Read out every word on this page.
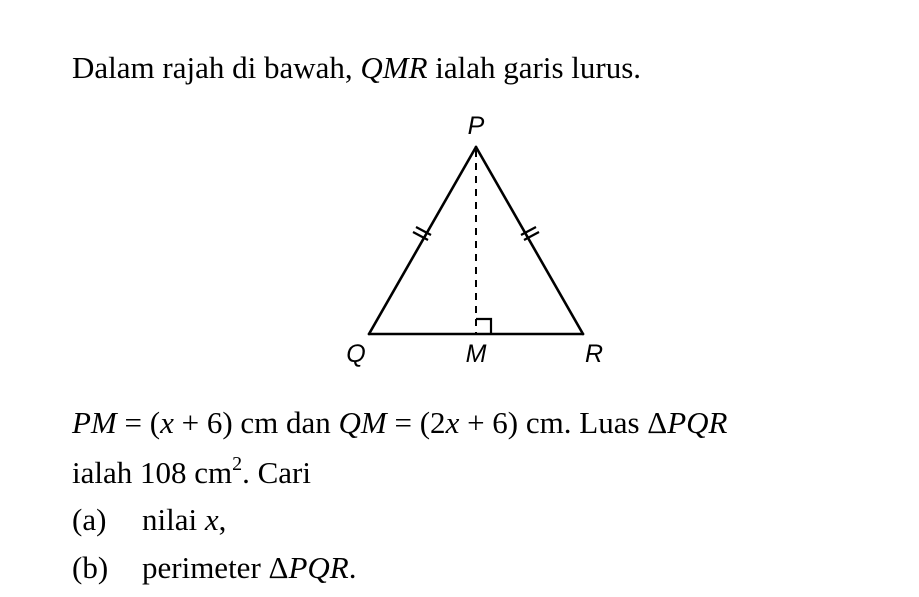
Dalam rajah di bawah, QMR ialah garis lurus.
P
Q	M	R
PM = (x + 6) cm dan QM = (2x + 6) cm. Luas ΔPQR
ialah 108 $cm^2$. Cari
(a) nilai x,
(b) perimeter ΔPQR.
